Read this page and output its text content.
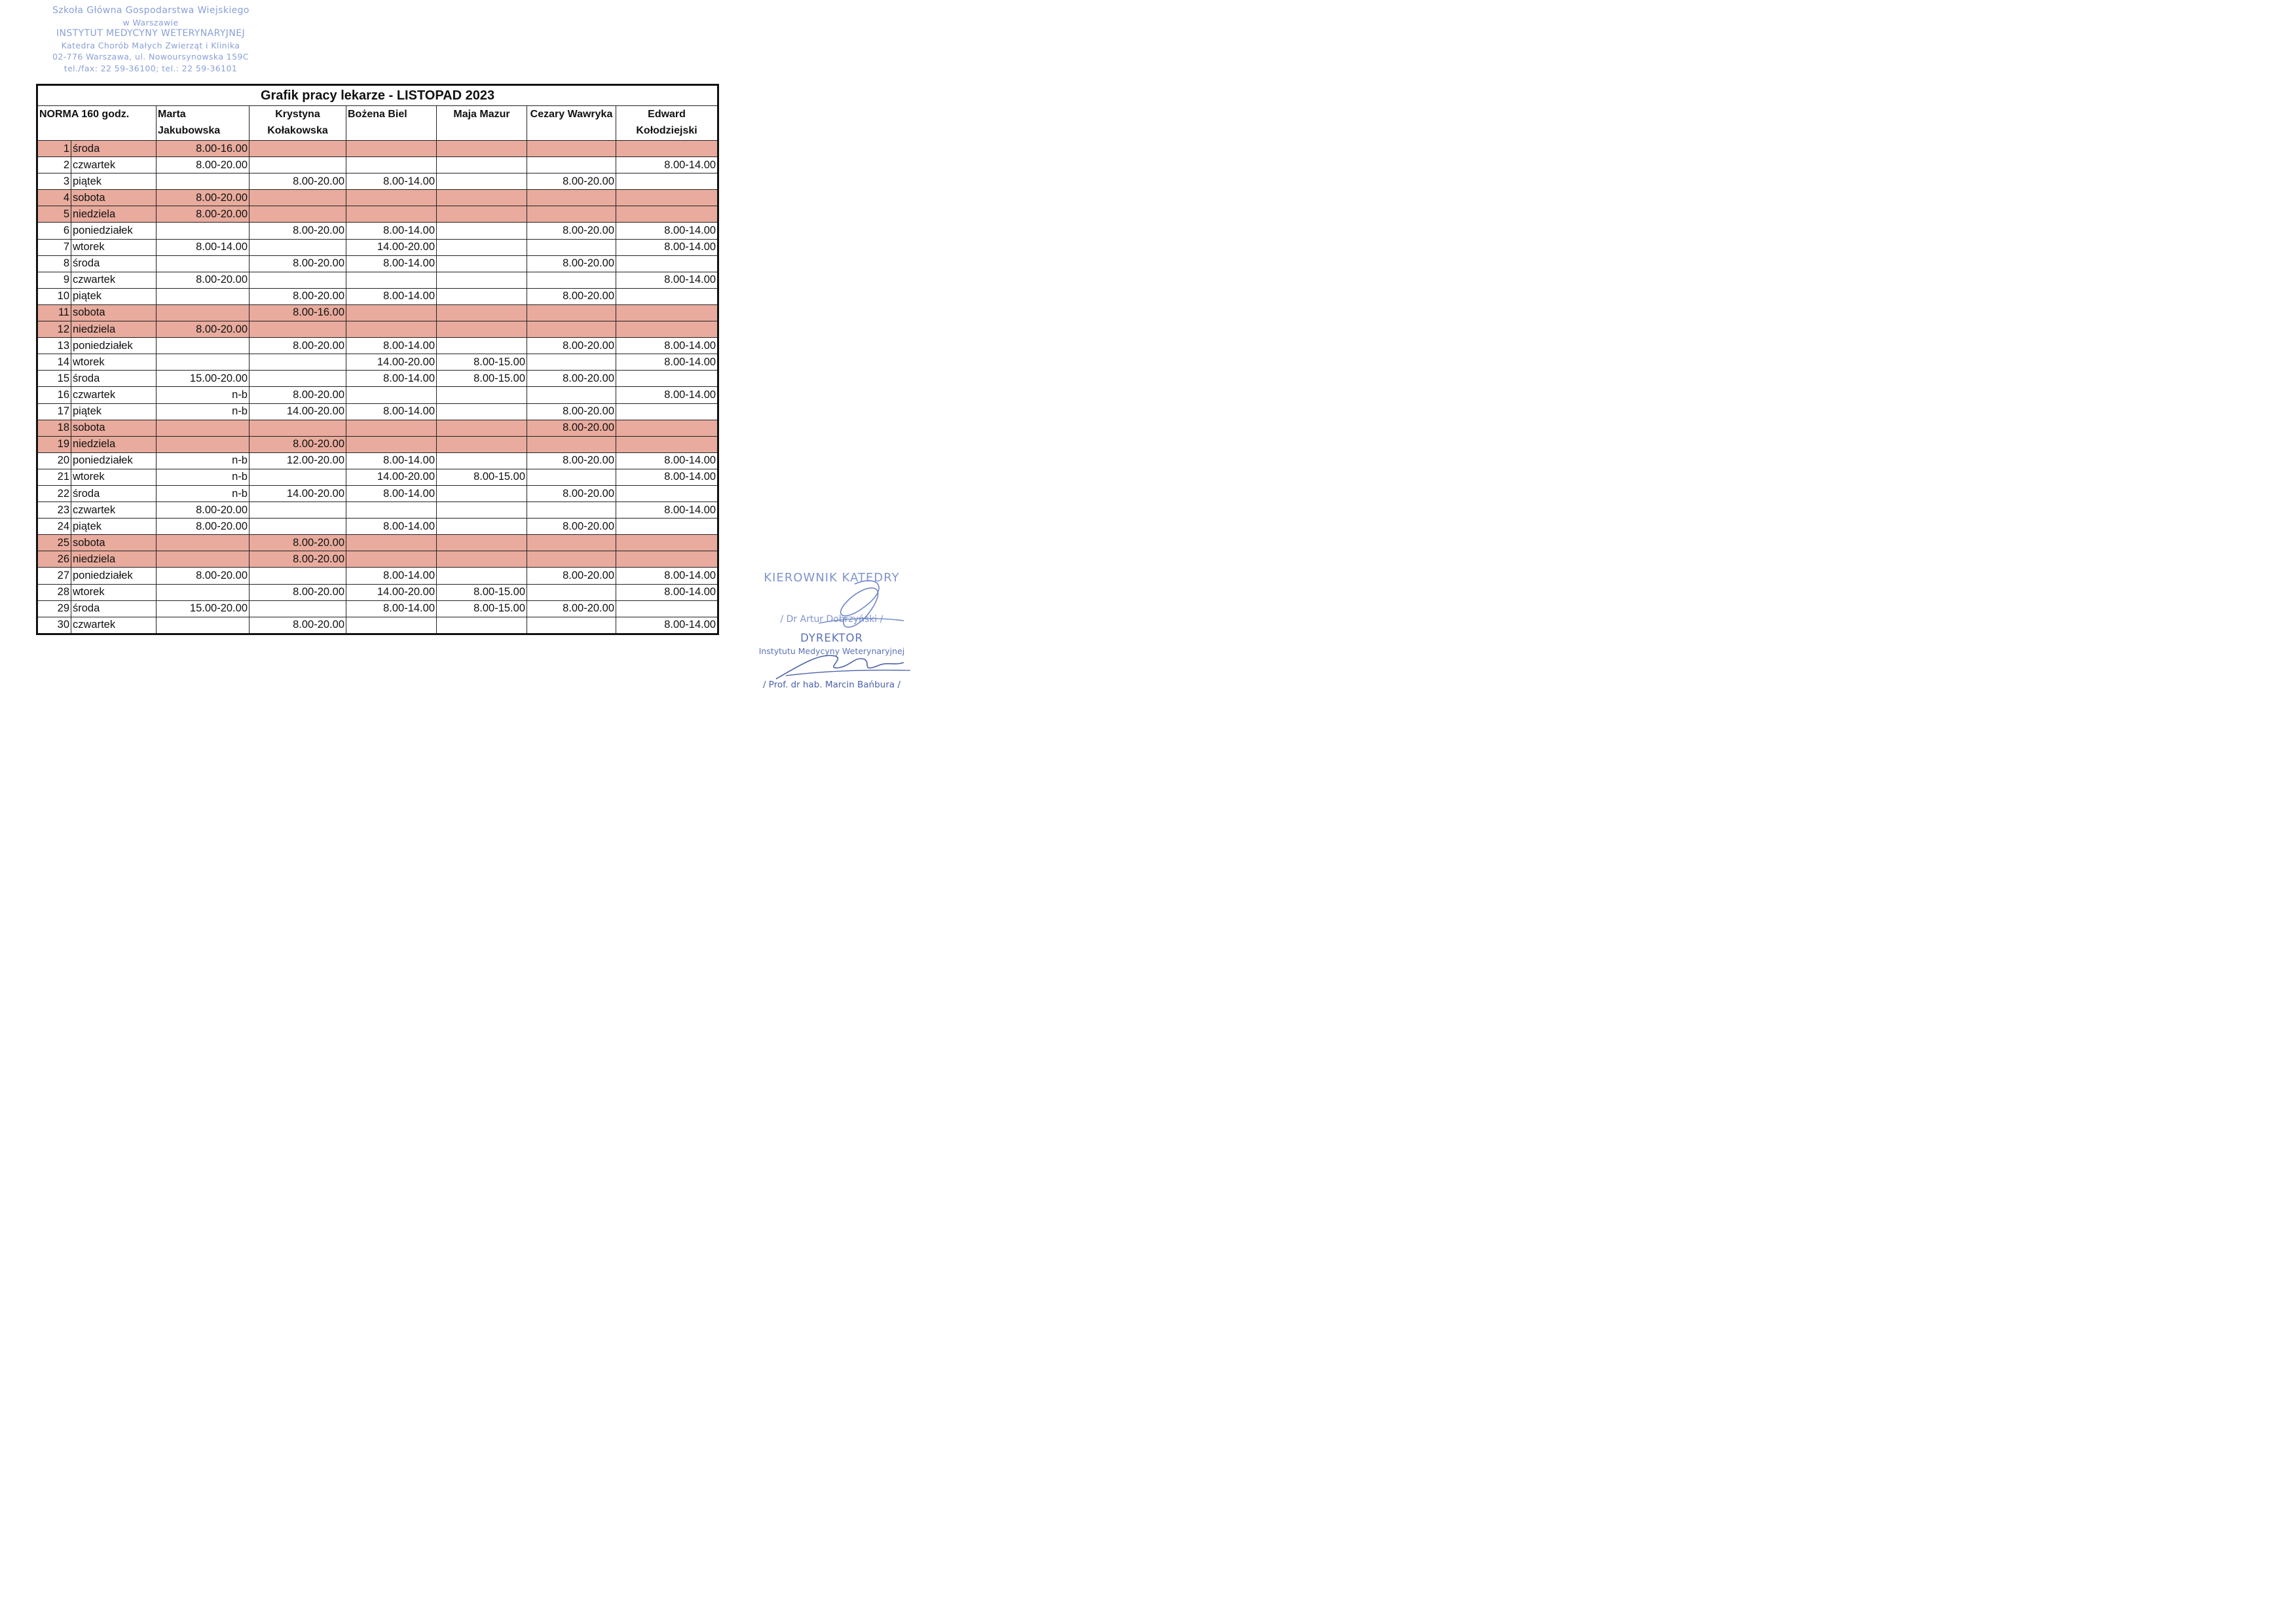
Szkoła Główna Gospodarstwa Wiejskiego
w Warszawie
INSTYTUT MEDYCYNY WETERYNARYJNEJ
Katedra Chorób Małych Zwierząt i Klinika
02-776 Warszawa, ul. Nowoursynowska 159C
tel./fax: 22 59-36100; tel.: 22 59-36101
Grafik pracy lekarze - LISTOPAD 2023							
NORMA 160 godz.		Marta Jakubowska	Krystyna Kołakowska	Bożena Biel	Maja Mazur	Cezary Wawryka	Edward Kołodziejski
1	środa	8.00-16.00					
2	czwartek	8.00-20.00					8.00-14.00
3	piątek		8.00-20.00	8.00-14.00		8.00-20.00	
4	sobota	8.00-20.00					
5	niedziela	8.00-20.00					
6	poniedziałek		8.00-20.00	8.00-14.00		8.00-20.00	8.00-14.00
7	wtorek	8.00-14.00		14.00-20.00			8.00-14.00
8	środa		8.00-20.00	8.00-14.00		8.00-20.00	
9	czwartek	8.00-20.00					8.00-14.00
10	piątek		8.00-20.00	8.00-14.00		8.00-20.00	
11	sobota		8.00-16.00				
12	niedziela	8.00-20.00					
13	poniedziałek		8.00-20.00	8.00-14.00		8.00-20.00	8.00-14.00
14	wtorek			14.00-20.00	8.00-15.00		8.00-14.00
15	środa	15.00-20.00		8.00-14.00	8.00-15.00	8.00-20.00	
16	czwartek	n-b	8.00-20.00				8.00-14.00
17	piątek	n-b	14.00-20.00	8.00-14.00		8.00-20.00	
18	sobota					8.00-20.00	
19	niedziela		8.00-20.00				
20	poniedziałek	n-b	12.00-20.00	8.00-14.00		8.00-20.00	8.00-14.00
21	wtorek	n-b		14.00-20.00	8.00-15.00		8.00-14.00
22	środa	n-b	14.00-20.00	8.00-14.00		8.00-20.00	
23	czwartek	8.00-20.00					8.00-14.00
24	piątek	8.00-20.00		8.00-14.00		8.00-20.00	
25	sobota		8.00-20.00				
26	niedziela		8.00-20.00				
27	poniedziałek	8.00-20.00		8.00-14.00		8.00-20.00	8.00-14.00
28	wtorek		8.00-20.00	14.00-20.00	8.00-15.00		8.00-14.00
29	środa	15.00-20.00		8.00-14.00	8.00-15.00	8.00-20.00	
30	czwartek		8.00-20.00				8.00-14.00
KIEROWNIK KATEDRY
/ Dr Artur Dobrzyński /
DYREKTOR
Instytutu Medycyny Weterynaryjnej
/ Prof. dr hab. Marcin Bańbura /
